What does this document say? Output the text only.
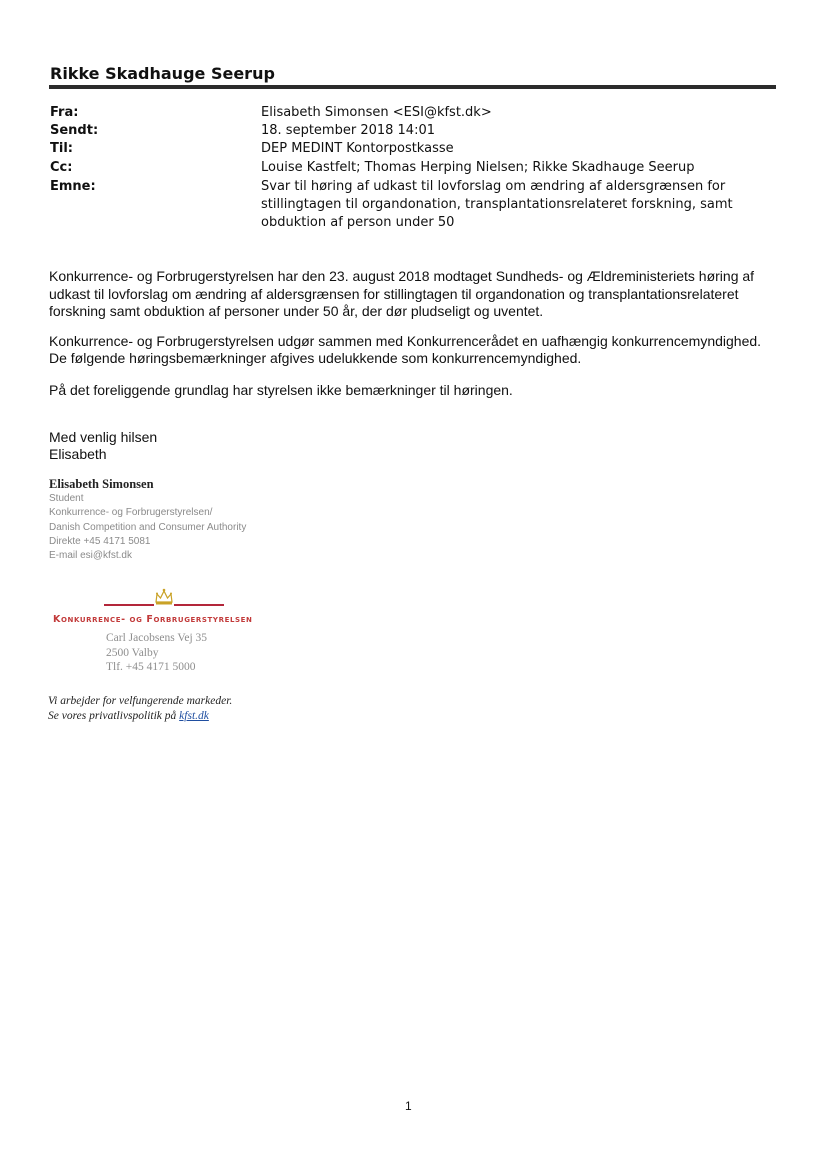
Rikke Skadhauge Seerup
Fra:	Elisabeth Simonsen <ESI@kfst.dk>
Sendt:	18. september 2018 14:01
Til:	DEP MEDINT Kontorpostkasse
Cc:	Louise Kastfelt; Thomas Herping Nielsen; Rikke Skadhauge Seerup
Emne:	Svar til høring af udkast til lovforslag om ændring af aldersgrænsen for stillingtagen til organdonation, transplantationsrelateret forskning, samt obduktion af person under 50
Konkurrence- og Forbrugerstyrelsen har den 23. august 2018 modtaget Sundheds- og Ældreministeriets høring af udkast til lovforslag om ændring af aldersgrænsen for stillingtagen til organdonation og transplantationsrelateret forskning samt obduktion af personer under 50 år, der dør pludseligt og uventet.
Konkurrence- og Forbrugerstyrelsen udgør sammen med Konkurrencerådet en uafhængig konkurrencemyndighed.
De følgende høringsbemærkninger afgives udelukkende som konkurrencemyndighed.
På det foreliggende grundlag har styrelsen ikke bemærkninger til høringen.
Med venlig hilsen
Elisabeth
Elisabeth Simonsen
Student
Konkurrence- og Forbrugerstyrelsen/
Danish Competition and Consumer Authority
Direkte +45 4171 5081
E-mail esi@kfst.dk
Konkurrence- og Forbrugerstyrelsen
Carl Jacobsens Vej 35
2500 Valby
Tlf. +45 4171 5000
Vi arbejder for velfungerende markeder.
Se vores privatlivspolitik på kfst.dk
1
